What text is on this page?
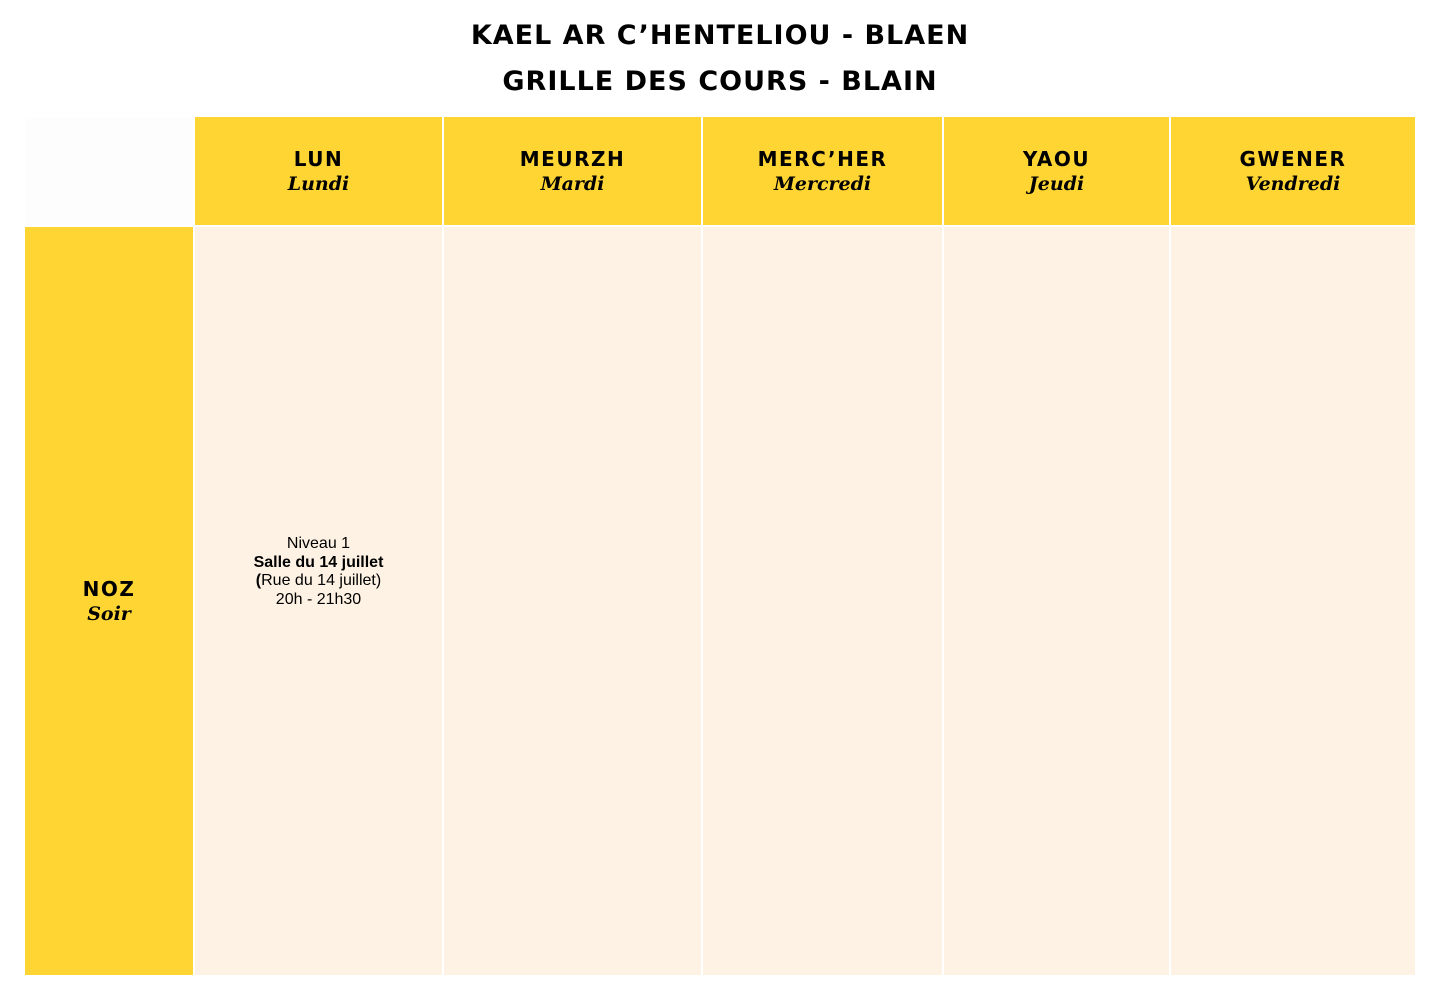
KAEL AR C’HENTELIOU - BLAEN
GRILLE DES COURS - BLAIN
LUN
Lundi
MEURZH
Mardi
MERC’HER
Mercredi
YAOU
Jeudi
GWENER
Vendredi
NOZ
Soir
Niveau 1
Salle du 14 juillet
(Rue du 14 juillet)
20h - 21h30
